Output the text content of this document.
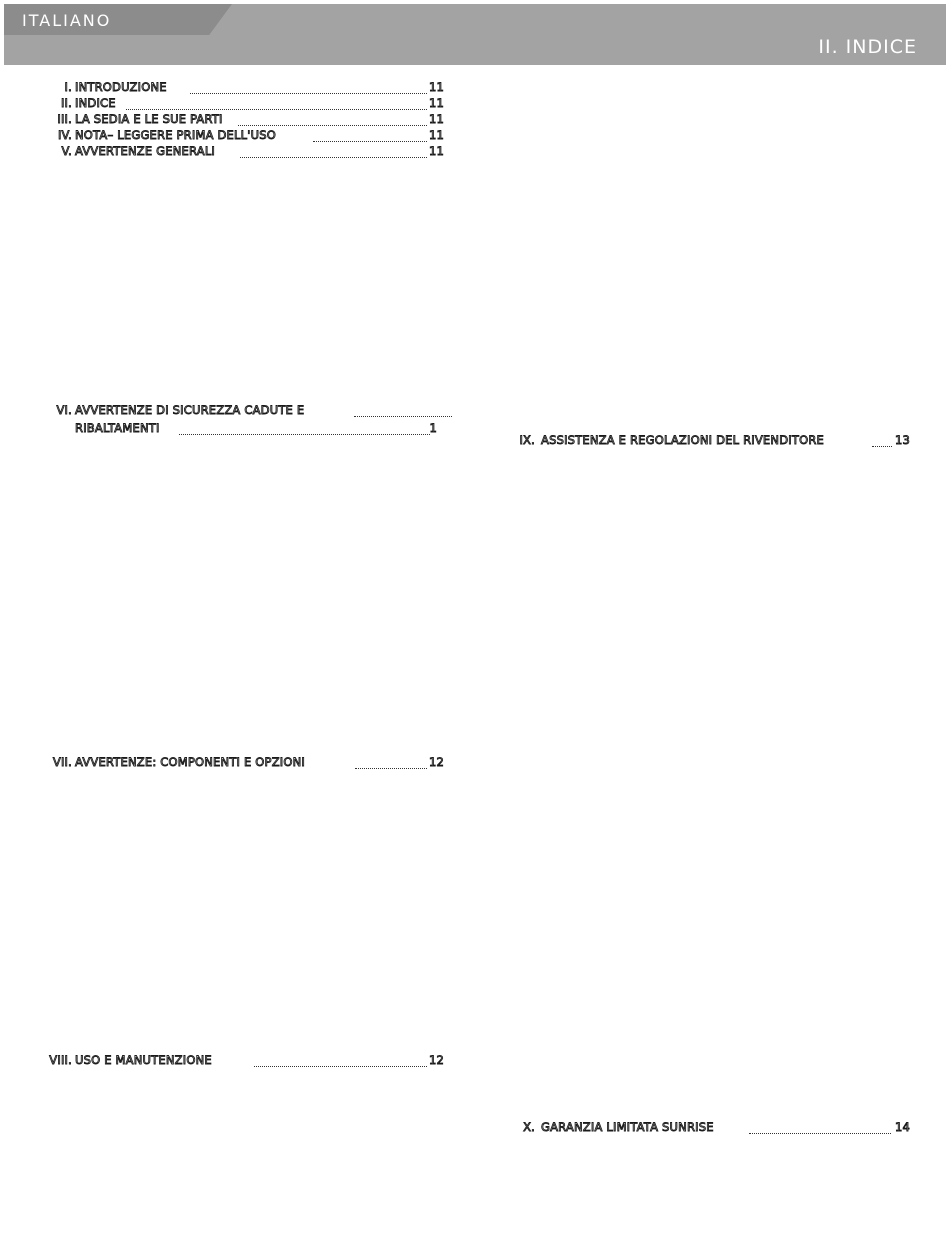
ITALIANO
II. INDICE
I. INTRODUZIONE	11
II. INDICE	11
III. LA SEDIA E LE SUE PARTI	11
IV. NOTA– LEGGERE PRIMA DELL'USO	11
V. AVVERTENZE GENERALI	11
VI. AVVERTENZE DI SICUREZZA CADUTE E
RIBALTAMENTI	1
VII. AVVERTENZE: COMPONENTI E OPZIONI	12
VIII. USO E MANUTENZIONE	12
IX. ASSISTENZA E REGOLAZIONI DEL RIVENDITORE	13
X. GARANZIA LIMITATA SUNRISE	14
